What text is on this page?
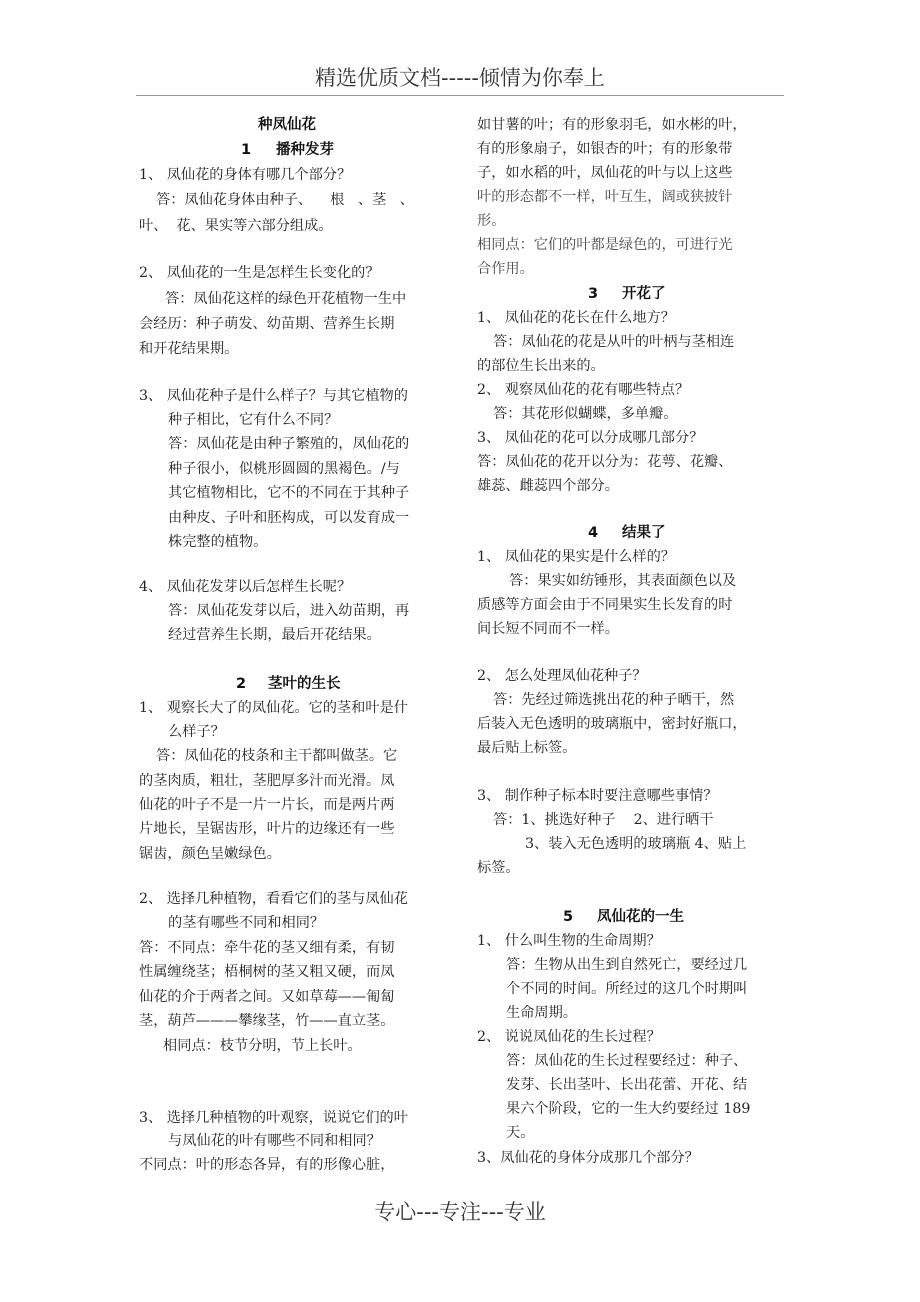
精选优质文档-----倾情为你奉上
种凤仙花
1 播种发芽
1、 凤仙花的身体有哪几个部分？
答：凤仙花身体由种子、    根   、茎   、
叶、  花、果实等六部分组成。
2、 凤仙花的一生是怎样生长变化的？
答：凤仙花这样的绿色开花植物一生中
会经历：种子萌发、幼苗期、营养生长期
和开花结果期。
3、 凤仙花种子是什么样子？与其它植物的
种子相比，它有什么不同？
答：凤仙花是由种子繁殖的，凤仙花的
种子很小，似桃形圆圆的黑褐色。/与
其它植物相比，它不的不同在于其种子
由种皮、子叶和胚构成，可以发育成一
株完整的植物。
4、 凤仙花发芽以后怎样生长呢？
答：凤仙花发芽以后，进入幼苗期，再
经过营养生长期，最后开花结果。
2 茎叶的生长
1、 观察长大了的凤仙花。它的茎和叶是什
么样子？
答：凤仙花的枝条和主干都叫做茎。它
的茎肉质，粗壮，茎肥厚多汁而光滑。凤
仙花的叶子不是一片一片长，而是两片两
片地长，呈锯齿形，叶片的边缘还有一些
锯齿，颜色呈嫩绿色。
2、 选择几种植物，看看它们的茎与凤仙花
的茎有哪些不同和相同？
答：不同点：牵牛花的茎又细有柔，有韧
性属缠绕茎；梧桐树的茎又粗又硬，而凤
仙花的介于两者之间。又如草莓——匍匐
茎，葫芦———攀缘茎，竹——直立茎。
相同点：枝节分明，节上长叶。
3、 选择几种植物的叶观察，说说它们的叶
与凤仙花的叶有哪些不同和相同？
不同点：叶的形态各异，有的形像心脏，
如甘薯的叶；有的形象羽毛，如水彬的叶，
有的形象扇子，如银杏的叶；有的形象带
子，如水稻的叶，凤仙花的叶与以上这些
叶的形态都不一样，叶互生，阔或狭披针
形。
相同点：它们的叶都是绿色的，可进行光
合作用。
3 开花了
1、 凤仙花的花长在什么地方？
答：凤仙花的花是从叶的叶柄与茎相连
的部位生长出来的。
2、 观察凤仙花的花有哪些特点？
答：其花形似蝴蝶，多单瓣。
3、 凤仙花的花可以分成哪几部分？
答：凤仙花的花开以分为：花萼、花瓣、
雄蕊、雌蕊四个部分。
4 结果了
1、 凤仙花的果实是什么样的？
答：果实如纺锤形，其表面颜色以及
质感等方面会由于不同果实生长发育的时
间长短不同而不一样。
2、 怎么处理凤仙花种子？
答：先经过筛选挑出花的种子晒干，然
后装入无色透明的玻璃瓶中，密封好瓶口，
最后贴上标签。
3、 制作种子标本时要注意哪些事情？
答：1、挑选好种子    2、进行晒干
3、装入无色透明的玻璃瓶 4、贴上
标签。
5 凤仙花的一生
1、 什么叫生物的生命周期？
答：生物从出生到自然死亡，要经过几
个不同的时间。所经过的这几个时期叫
生命周期。
2、 说说凤仙花的生长过程？
答：凤仙花的生长过程要经过：种子、
发芽、长出茎叶、长出花蕾、开花、结
果六个阶段，它的一生大约要经过 189
天。
3、凤仙花的身体分成那几个部分？
专心---专注---专业
